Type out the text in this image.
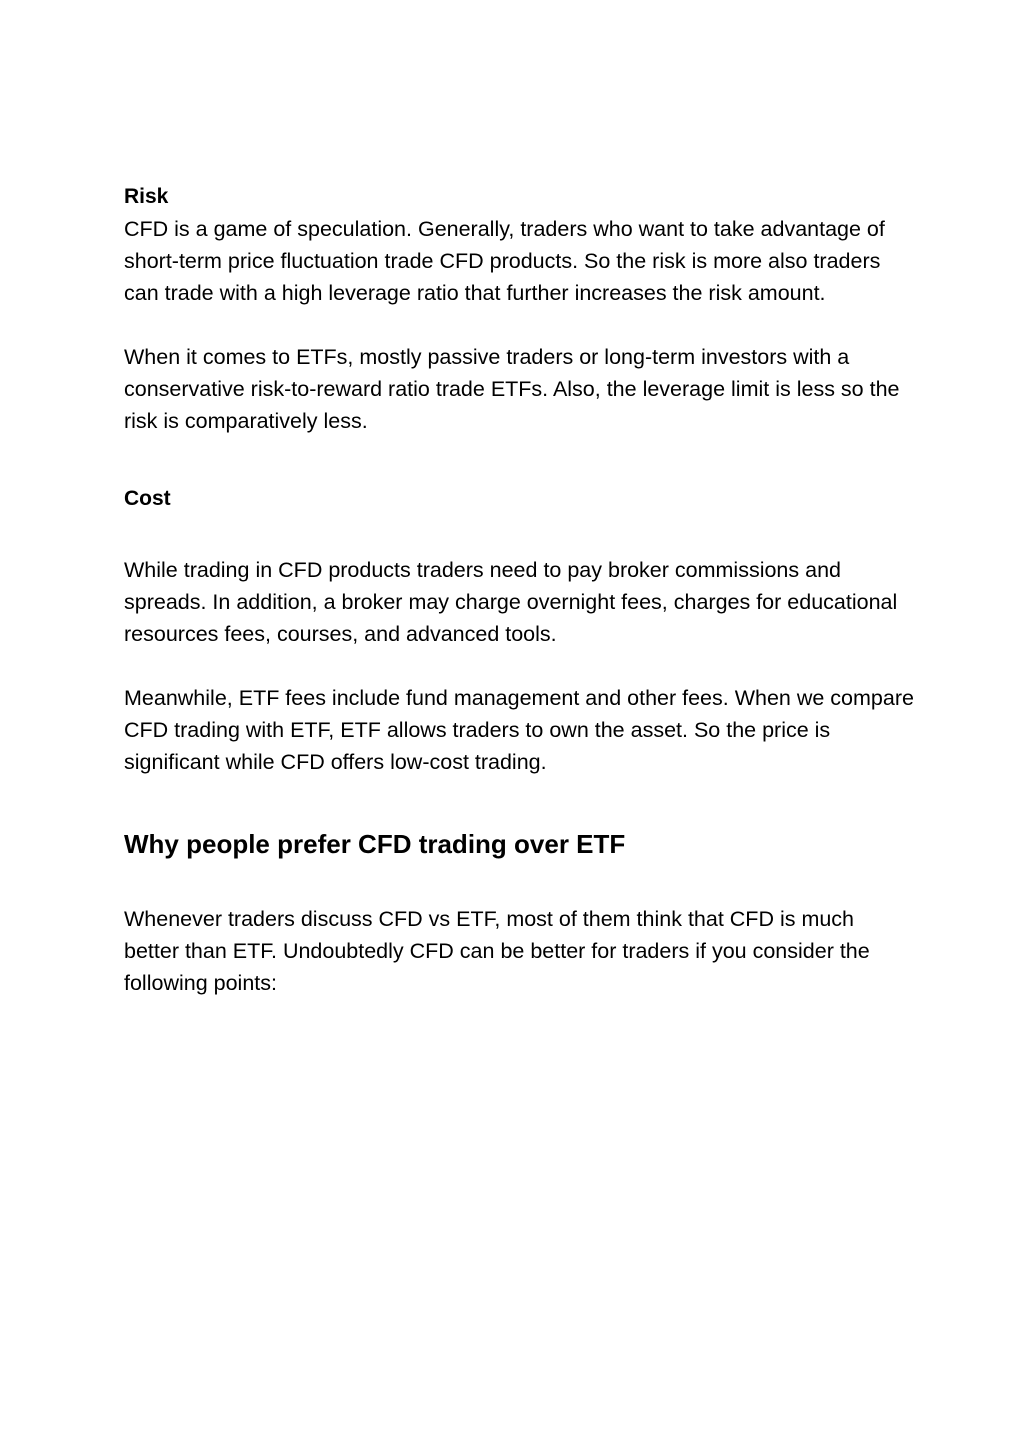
Risk

CFD is a game of speculation. Generally, traders who want to take advantage of short-term price fluctuation trade CFD products. So the risk is more also traders can trade with a high leverage ratio that further increases the risk amount.

When it comes to ETFs, mostly passive traders or long-term investors with a conservative risk-to-reward ratio trade ETFs. Also, the leverage limit is less so the risk is comparatively less.

Cost

While trading in CFD products traders need to pay broker commissions and spreads. In addition, a broker may charge overnight fees, charges for educational resources fees, courses, and advanced tools.

Meanwhile, ETF fees include fund management and other fees. When we compare CFD trading with ETF, ETF allows traders to own the asset. So the price is significant while CFD offers low-cost trading.

Why people prefer CFD trading over ETF

Whenever traders discuss CFD vs ETF, most of them think that CFD is much better than ETF. Undoubtedly CFD can be better for traders if you consider the following points:
